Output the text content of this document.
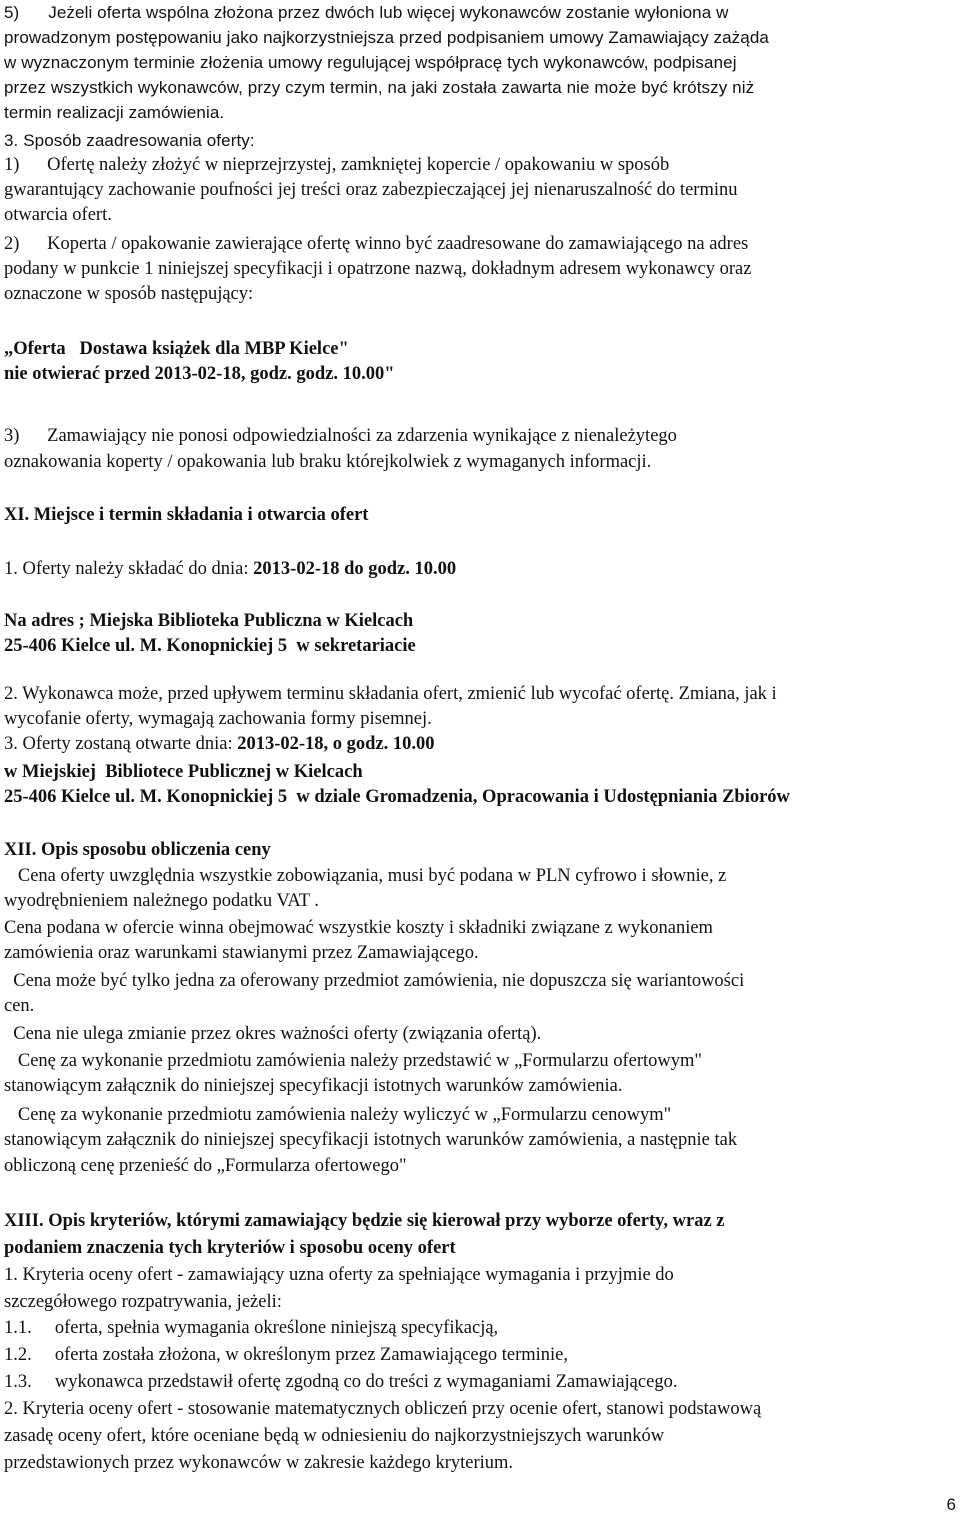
5)      Jeżeli oferta wspólna złożona przez dwóch lub więcej wykonawców zostanie wyłoniona w
prowadzonym postępowaniu jako najkorzystniejsza przed podpisaniem umowy Zamawiający zażąda
w wyznaczonym terminie złożenia umowy regulującej współpracę tych wykonawców, podpisanej
przez wszystkich wykonawców, przy czym termin, na jaki została zawarta nie może być krótszy niż
termin realizacji zamówienia.
3. Sposób zaadresowania oferty:
1)      Ofertę należy złożyć w nieprzejrzystej, zamkniętej kopercie / opakowaniu w sposób
gwarantujący zachowanie poufności jej treści oraz zabezpieczającej jej nienaruszalność do terminu
otwarcia ofert.
2)      Koperta / opakowanie zawierające ofertę winno być zaadresowane do zamawiającego na adres
podany w punkcie 1 niniejszej specyfikacji i opatrzone nazwą, dokładnym adresem wykonawcy oraz
oznaczone w sposób następujący:
„Oferta   Dostawa książek dla MBP Kielce"
nie otwierać przed 2013-02-18, godz. godz. 10.00"
3)      Zamawiający nie ponosi odpowiedzialności za zdarzenia wynikające z nienależytego
oznakowania koperty / opakowania lub braku którejkolwiek z wymaganych informacji.
XI. Miejsce i termin składania i otwarcia ofert
1. Oferty należy składać do dnia: 2013-02-18 do godz. 10.00
Na adres ; Miejska Biblioteka Publiczna w Kielcach
25-406 Kielce ul. M. Konopnickiej 5  w sekretariacie
2. Wykonawca może, przed upływem terminu składania ofert, zmienić lub wycofać ofertę. Zmiana, jak i
wycofanie oferty, wymagają zachowania formy pisemnej.
3. Oferty zostaną otwarte dnia: 2013-02-18, o godz. 10.00
w Miejskiej  Bibliotece Publicznej w Kielcach
25-406 Kielce ul. M. Konopnickiej 5  w dziale Gromadzenia, Opracowania i Udostępniania Zbiorów
XII. Opis sposobu obliczenia ceny
Cena oferty uwzględnia wszystkie zobowiązania, musi być podana w PLN cyfrowo i słownie, z
wyodrębnieniem należnego podatku VAT .
Cena podana w ofercie winna obejmować wszystkie koszty i składniki związane z wykonaniem
zamówienia oraz warunkami stawianymi przez Zamawiającego.
Cena może być tylko jedna za oferowany przedmiot zamówienia, nie dopuszcza się wariantowości
cen.
Cena nie ulega zmianie przez okres ważności oferty (związania ofertą).
Cenę za wykonanie przedmiotu zamówienia należy przedstawić w „Formularzu ofertowym"
stanowiącym załącznik do niniejszej specyfikacji istotnych warunków zamówienia.
Cenę za wykonanie przedmiotu zamówienia należy wyliczyć w „Formularzu cenowym"
stanowiącym załącznik do niniejszej specyfikacji istotnych warunków zamówienia, a następnie tak
obliczoną cenę przenieść do „Formularza ofertowego"
XIII. Opis kryteriów, którymi zamawiający będzie się kierował przy wyborze oferty, wraz z
podaniem znaczenia tych kryteriów i sposobu oceny ofert
1. Kryteria oceny ofert - zamawiający uzna oferty za spełniające wymagania i przyjmie do
szczegółowego rozpatrywania, jeżeli:
1.1.     oferta, spełnia wymagania określone niniejszą specyfikacją,
1.2.     oferta została złożona, w określonym przez Zamawiającego terminie,
1.3.     wykonawca przedstawił ofertę zgodną co do treści z wymaganiami Zamawiającego.
2. Kryteria oceny ofert - stosowanie matematycznych obliczeń przy ocenie ofert, stanowi podstawową
zasadę oceny ofert, które oceniane będą w odniesieniu do najkorzystniejszych warunków
przedstawionych przez wykonawców w zakresie każdego kryterium.
6
